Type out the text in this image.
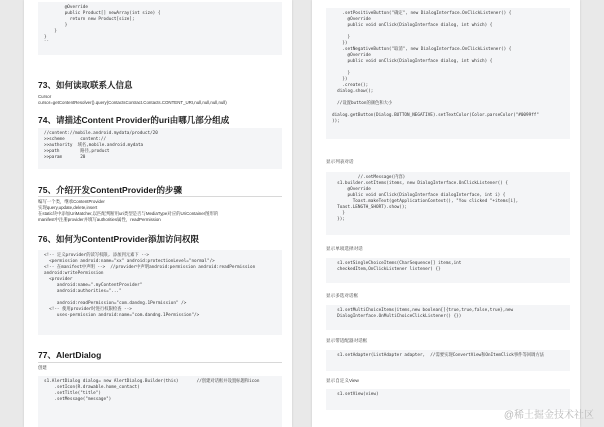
@Override
public Product[] newArray(int size) {
return new Product[size];
}
}
}
``
73、如何读取联系人信息
Cursor
cursor=getContentResolver().query(ContactsContract.Contacts.CONTENT_URI,null,null,null,null)
74、请描述Content Provider的uri由哪几部分组成
//content://mobile.android.mydata/product/20
>>scheme      content://
>>authority  域名,mobile.android.mydata
>>path        路径,product
>>param       20
75、介绍开发ContentProvider的步骤
编写一个类，继承ContentProvider
实现query,update,delete,insert
在static块中添加UriMatcher,以匹配判断用uri类型是否与MediaType对应的UriContainer图形的
manifest中注册provider并填写authorities属性，readPermission
76、如何为ContentProvider添加访问权限
<!-- 定义provider的读写权限, 添加到元素下 -->
<permission android:name="xx" android:protectionLevel="normal"/>
<!-- 在manifest中声明 -->  //provider中声明android:permission android:readPermission
android:writePermission
<provider
android:name=".myContentProvider"
android:authorities="..."
android:readPermission="com.dandng.1Permission" />
<!-- 使用provider时进行权限检查 -->
uses-permission android:name="com.dandng.1Permission"/>
77、AlertDialog
创建
s1.AlertDialog dialog= new AlertDialog.Builder(this)       //创建对话框并设置标题和icon
.setIcon(R.drawable.home_contact)
.setTitle("title")
.setMessage("message")
.setPositiveButton("确定", new DialogInterface.OnClickListener() {
@Override
public void onClick(DialogInterface dialog, int which) {
}
})
.setNegativeButton("取消", new DialogInterface.OnClickListener() {
@Override
public void onClick(DialogInterface dialog, int which) {
}
})
.create();
dialog.show();
//设置button的颜色和大小
dialog.getButton(Dialog.BUTTON_NEGATIVE).setTextColor(Color.parseColor("#0099ff"
));
显示列表对话
//.setMessage(内容)
s1.builder.setItems(items, new DialogInterface.OnClickListener() {
@Override
public void onClick(DialogInterface dialogInterface, int i) {
Toast.makeText(getApplicationContext(), "You clicked "+items[i],
Toast.LENGTH_SHORT).show();
}
});
显示单项选择对话
s1.setSingleChoiceItems(CharSequence[] items,int
checkedItem,OnClickListener listener) {}
显示多选对话框
s1.setMultiChoiceItems(items,new boolean[]{true,true,false,true},new
DialogInterface.OnMultiChoiceClickListener() {})
显示带适配器对话框
s1.setAdapter(ListAdapter adapter,  //需要实现ConvertView和OnItemClick事件等回调方法
显示自定义View
s1.setView(view)
@稀土掘金技术社区
